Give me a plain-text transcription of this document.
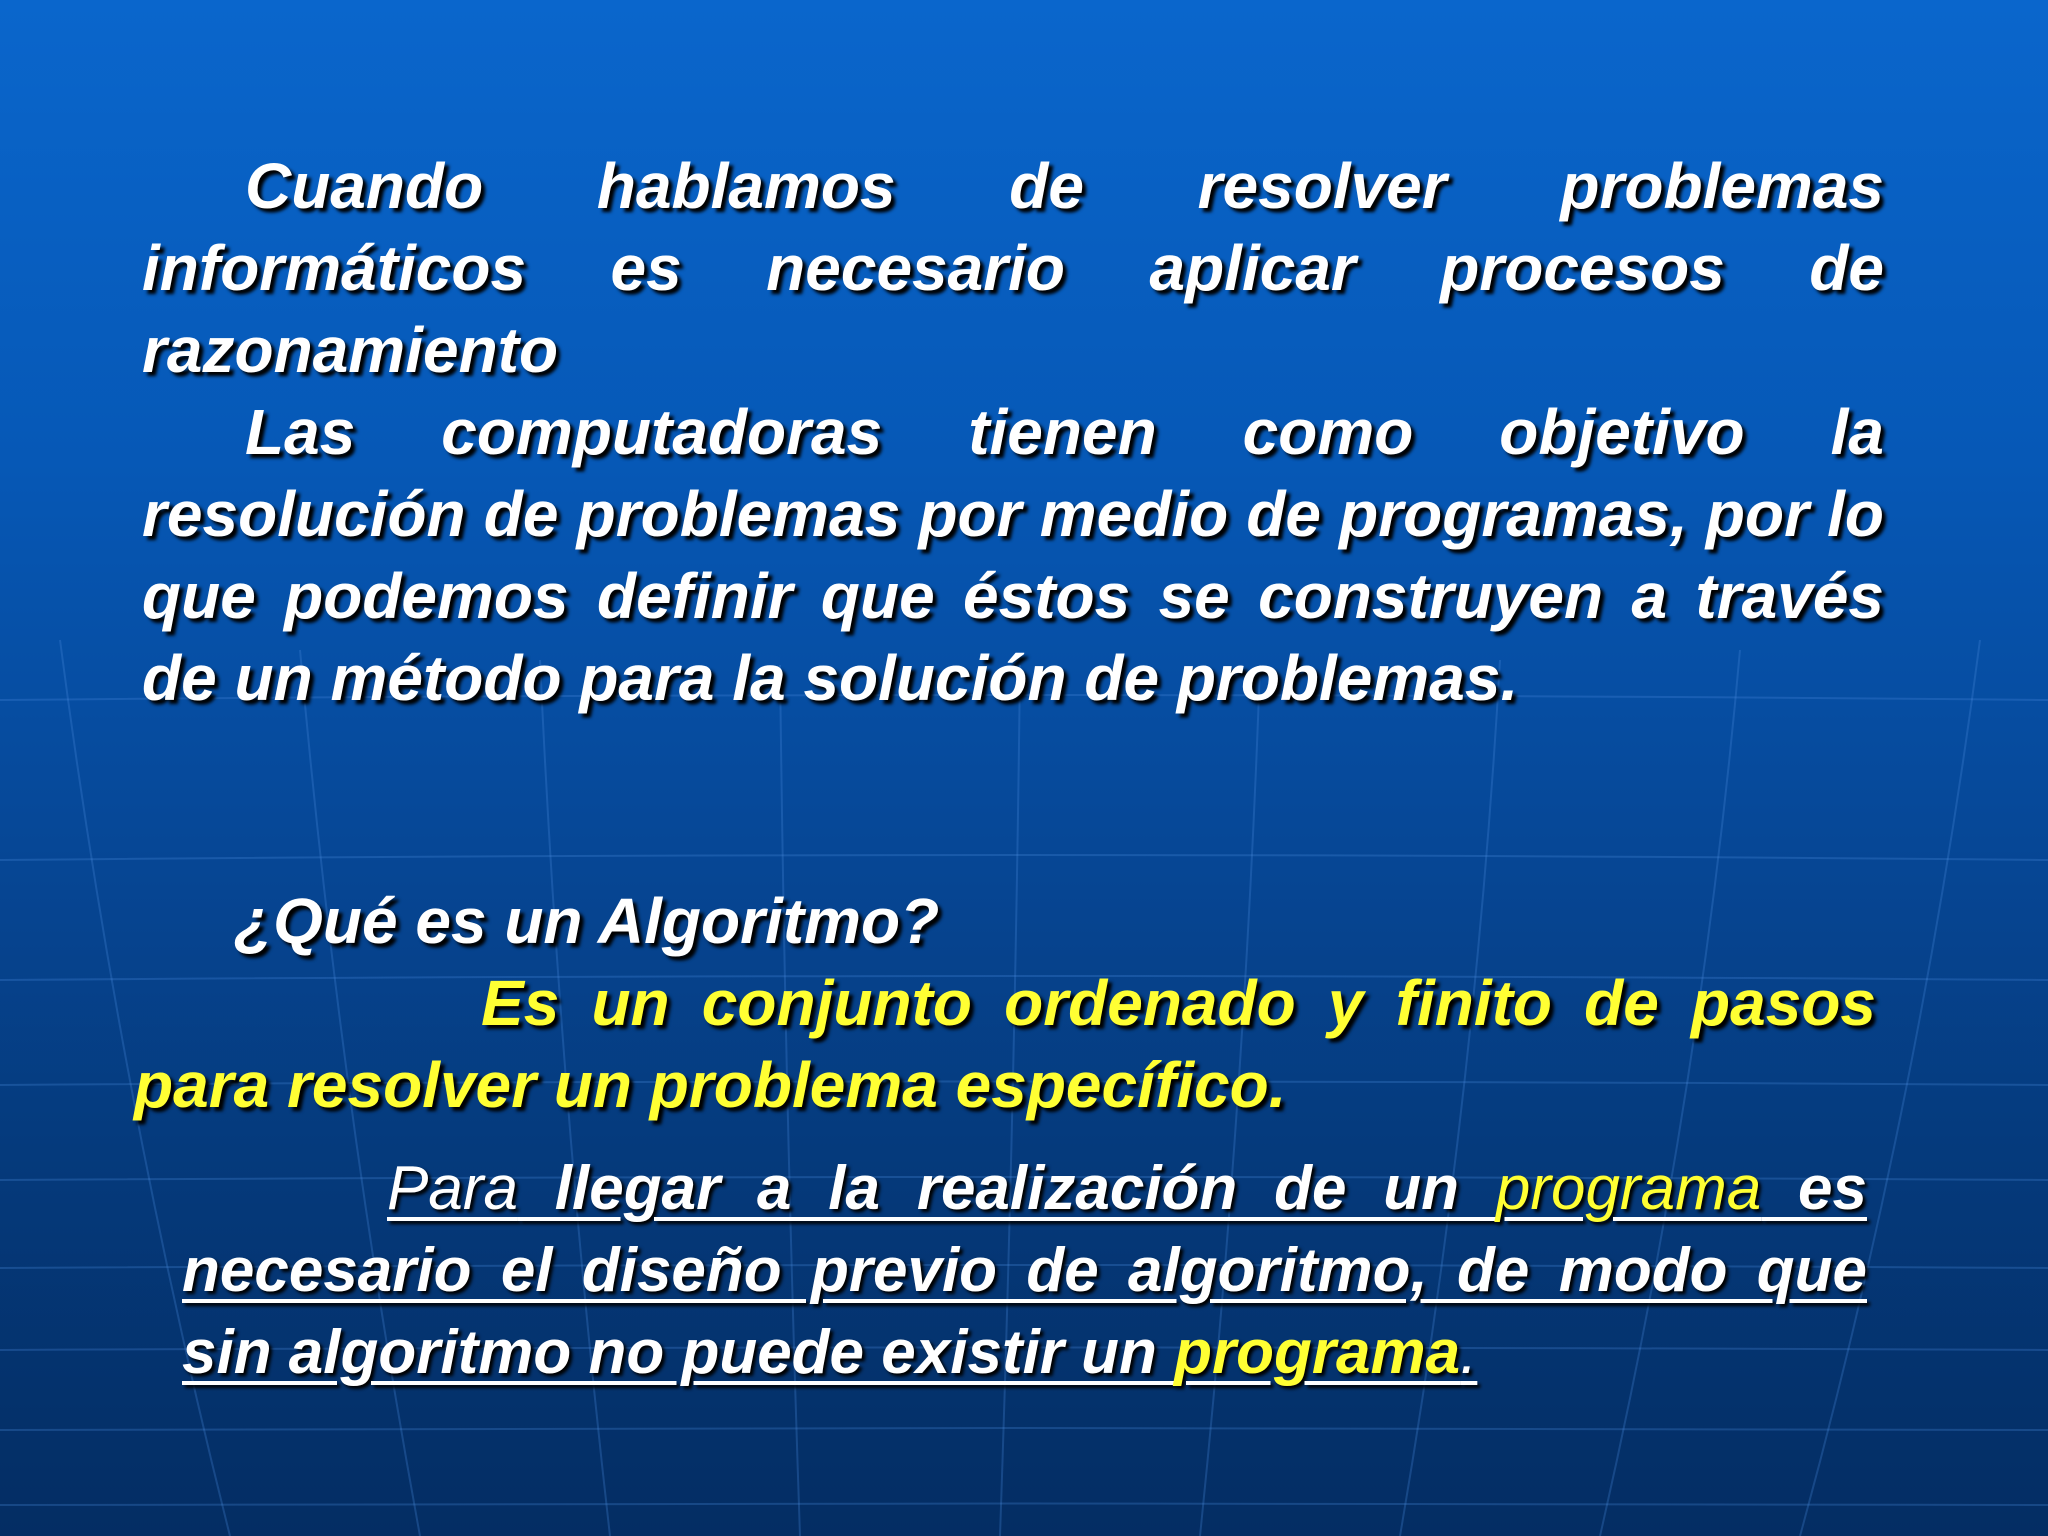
Cuando hablamos de resolver problemas informáticos es necesario aplicar procesos de razonamiento

Las computadoras tienen como objetivo la resolución de problemas por medio de programas, por lo que podemos definir que éstos se construyen a través de un método para la solución de problemas.

¿Qué es un Algoritmo?

Es un conjunto ordenado y finito de pasos para resolver un problema específico.

Para llegar a la realización de un programa es necesario el diseño previo de algoritmo, de modo que sin algoritmo no puede existir un programa.
